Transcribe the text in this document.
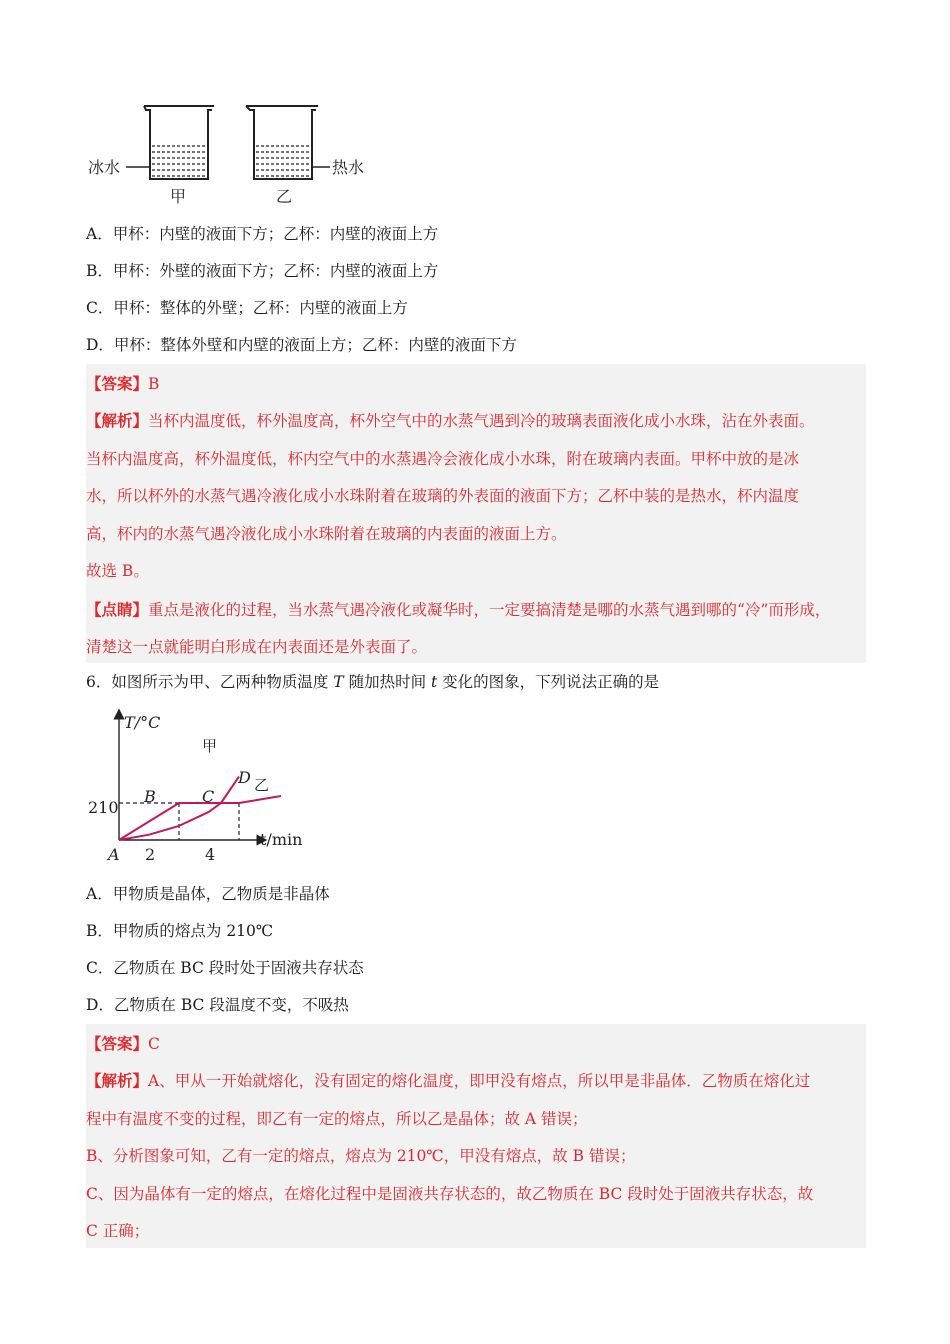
冰水	热水
甲	乙
A．甲杯：内壁的液面下方；乙杯：内壁的液面上方
B．甲杯：外壁的液面下方；乙杯：内壁的液面上方
C．甲杯：整体的外壁；乙杯：内壁的液面上方
D．甲杯：整体外壁和内壁的液面上方；乙杯：内壁的液面下方
【答案】B
【解析】当杯内温度低，杯外温度高，杯外空气中的水蒸气遇到冷的玻璃表面液化成小水珠，沾在外表面。
当杯内温度高，杯外温度低，杯内空气中的水蒸遇冷会液化成小水珠，附在玻璃内表面。甲杯中放的是冰
水，所以杯外的水蒸气遇冷液化成小水珠附着在玻璃的外表面的液面下方；乙杯中装的是热水，杯内温度
高，杯内的水蒸气遇冷液化成小水珠附着在玻璃的内表面的液面上方。
故选 B。
【点睛】重点是液化的过程，当水蒸气遇冷液化或凝华时，一定要搞清楚是哪的水蒸气遇到哪的“冷”而形成，
清楚这一点就能明白形成在内表面还是外表面了。
6．如图所示为甲、乙两种物质温度 T 随加热时间 t 变化的图象，下列说法正确的是
A．甲物质是晶体，乙物质是非晶体
B．甲物质的熔点为 210℃
C．乙物质在 BC 段时处于固液共存状态
D．乙物质在 BC 段温度不变，不吸热
【答案】C
【解析】A、甲从一开始就熔化，没有固定的熔化温度，即甲没有熔点，所以甲是非晶体．乙物质在熔化过
程中有温度不变的过程，即乙有一定的熔点，所以乙是晶体；故 A 错误；
B、分析图象可知，乙有一定的熔点，熔点为 210℃，甲没有熔点，故 B 错误；
C、因为晶体有一定的熔点，在熔化过程中是固液共存状态的，故乙物质在 BC 段时处于固液共存状态，故
C 正确；
T/°C
t/min
210
2	4
A
B	C
D
甲
乙
